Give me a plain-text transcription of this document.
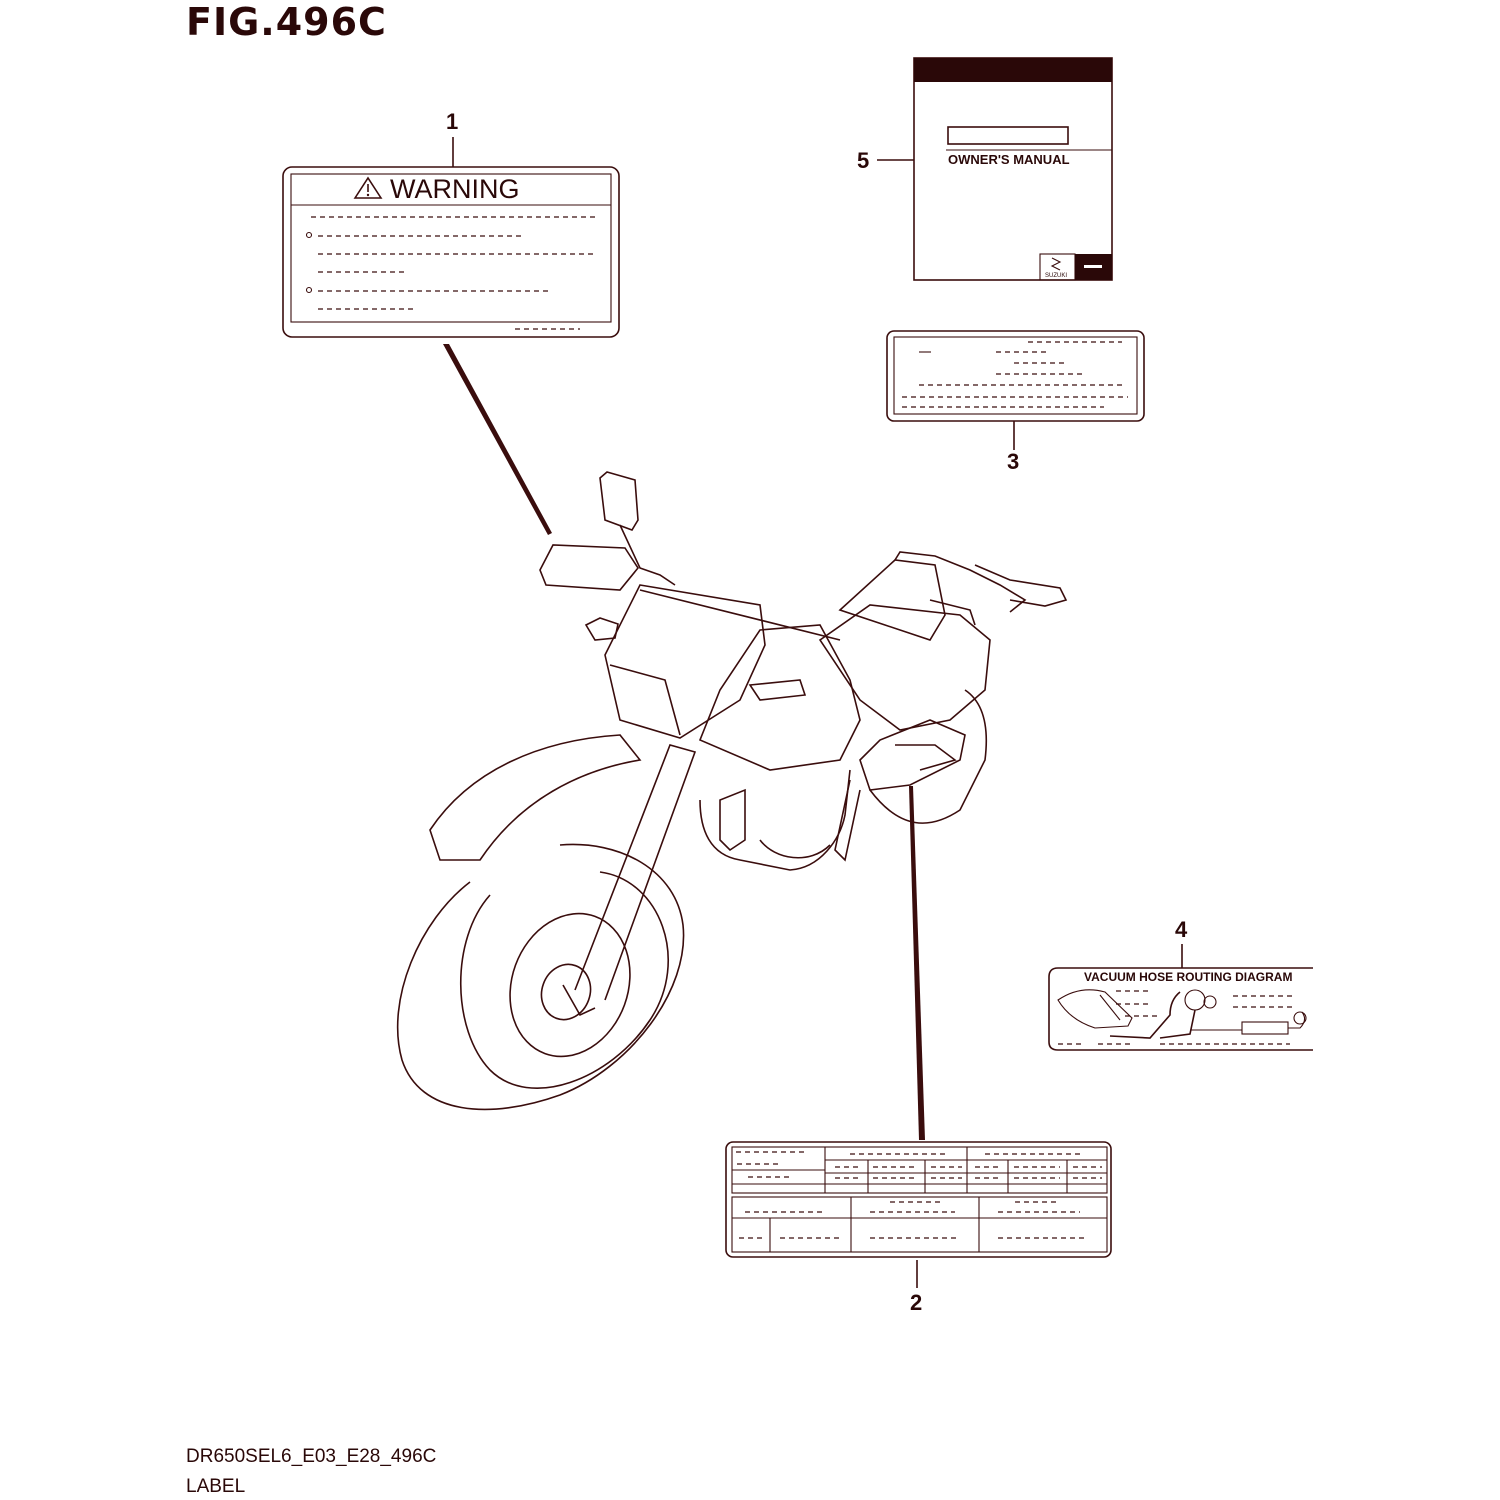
FIG.496C
WARNING
1
OWNER'S MANUAL
SUZUKI
5
3
VACUUM HOSE ROUTING DIAGRAM
4
2
DR650SEL6_E03_E28_496C
LABEL
